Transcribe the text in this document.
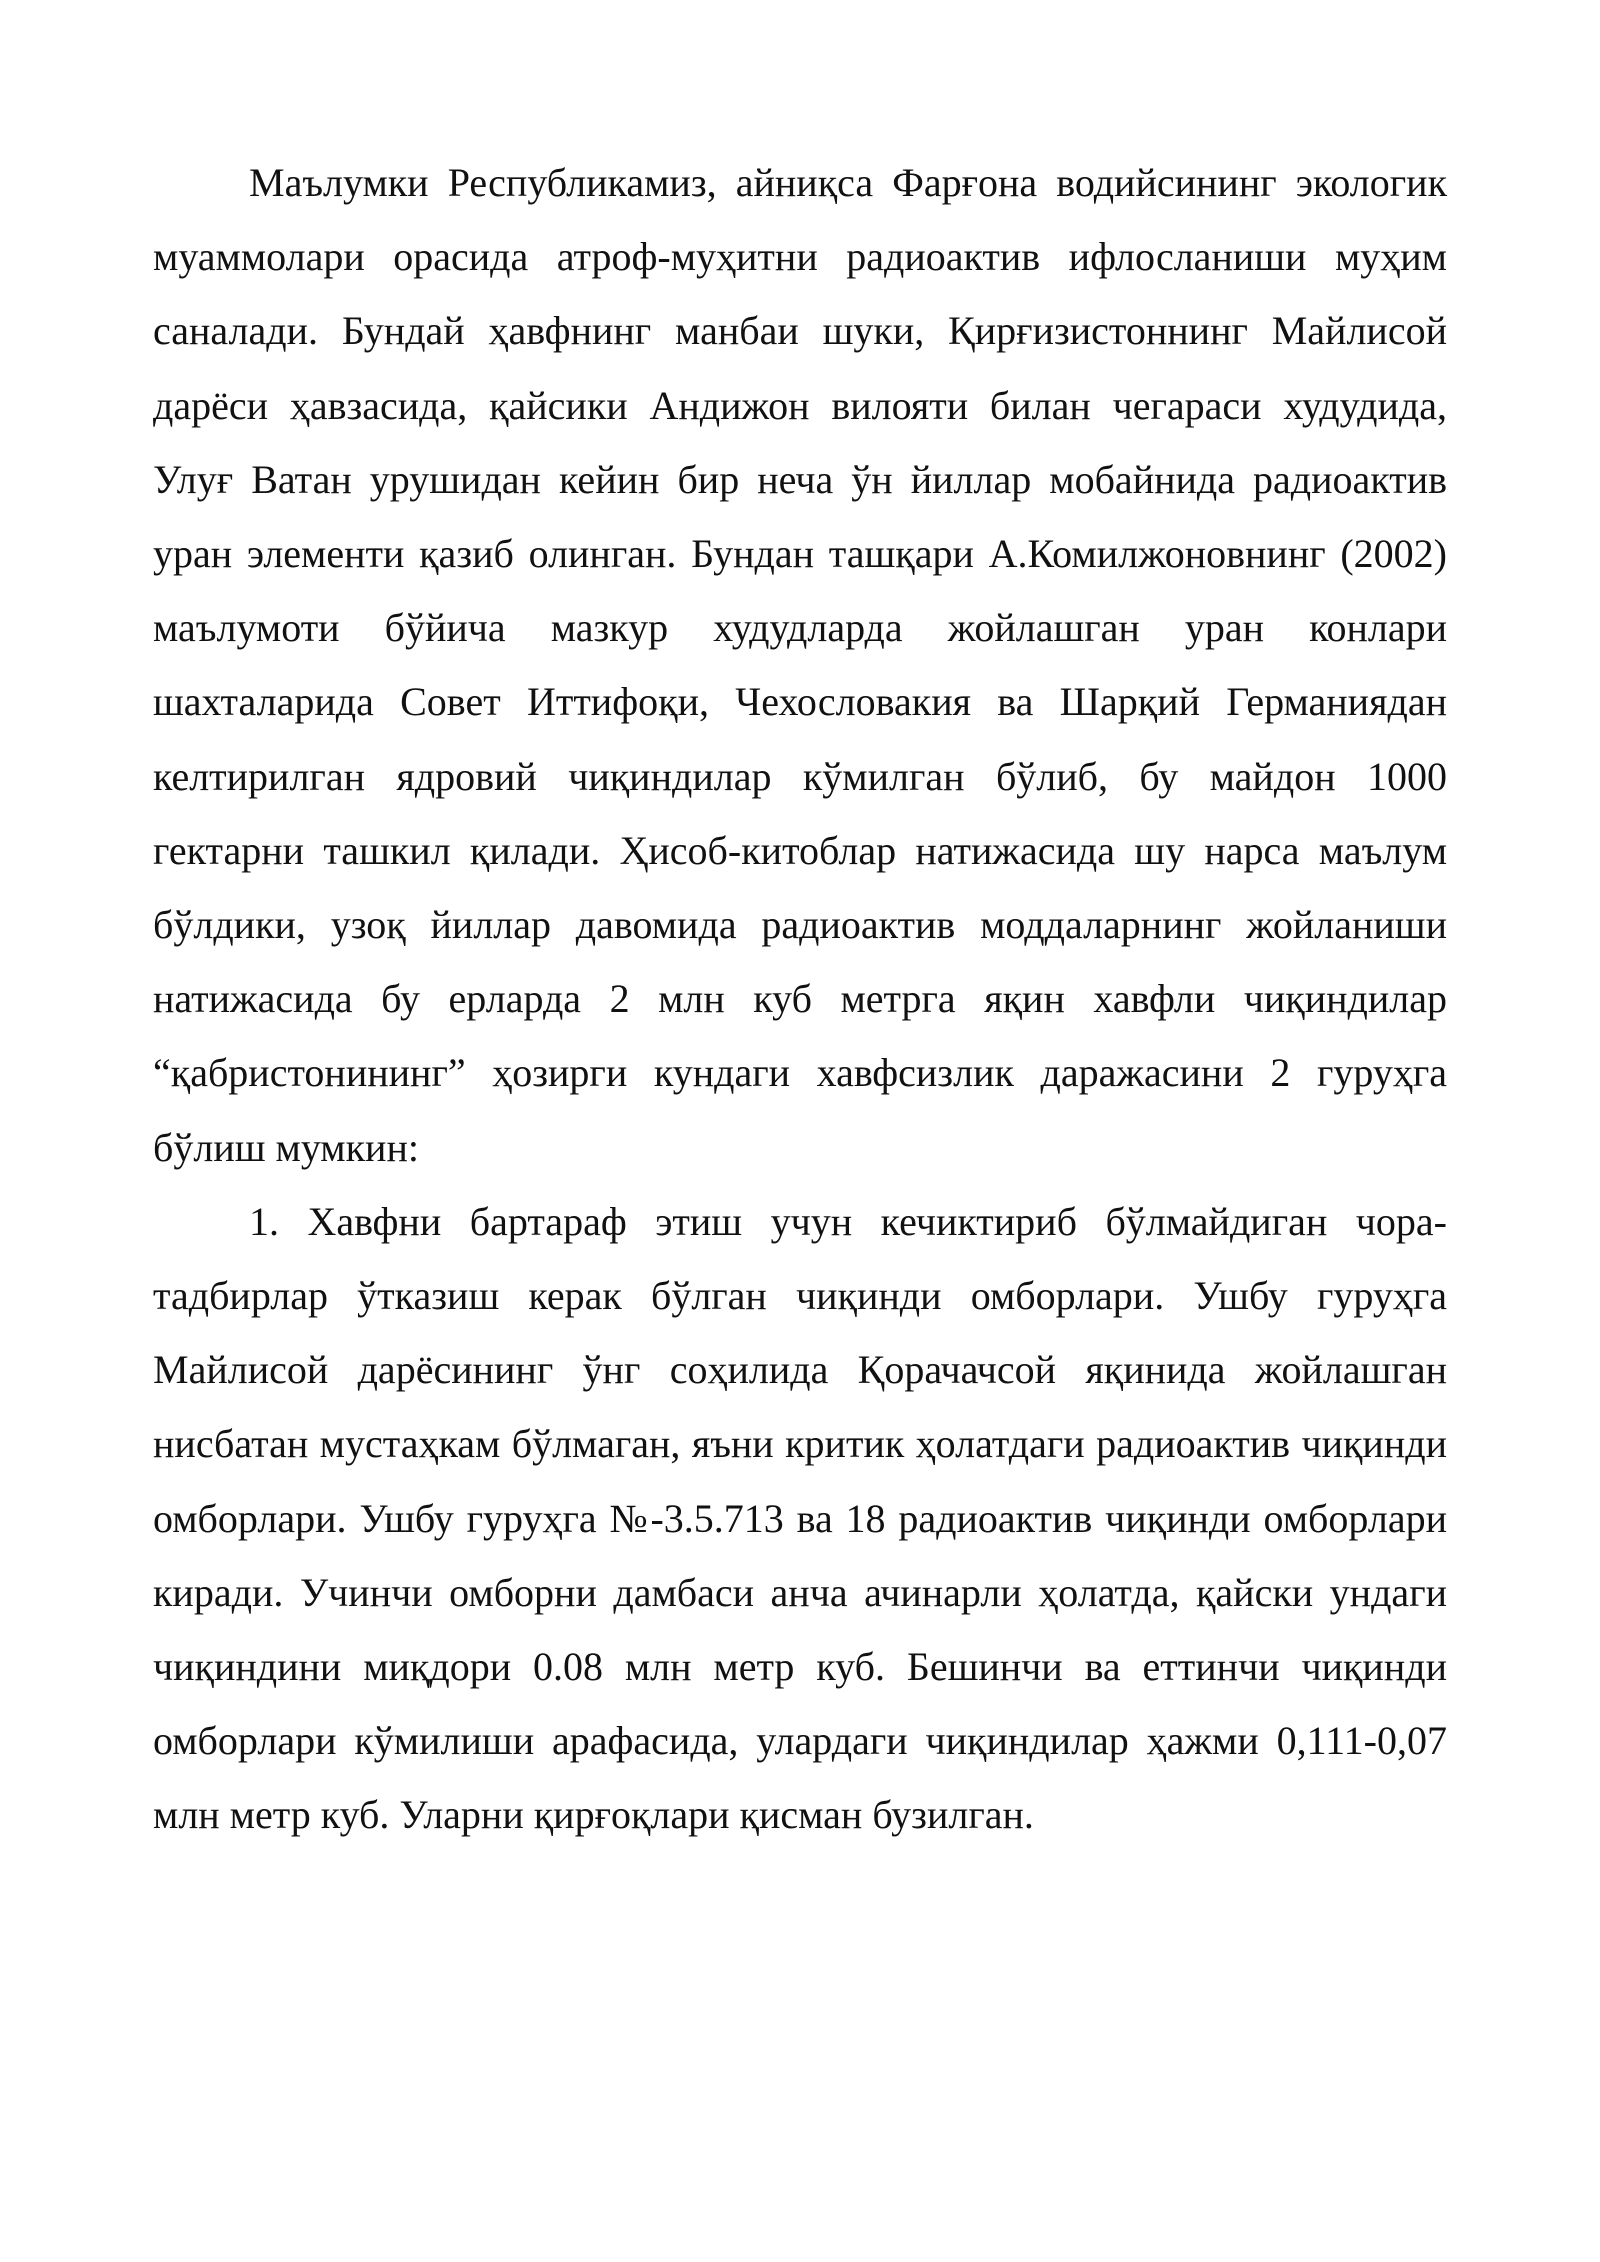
Маълумки Республикамиз, айниқса Фарғона водийсининг экологик муаммолари орасида атроф-муҳитни радиоактив ифлосланиши муҳим саналади. Бундай ҳавфнинг манбаи шуки, Қирғизистоннинг Майлисой дарёси ҳавзасида, қайсики Андижон вилояти билан чегараси худудида, Улуғ Ватан урушидан кейин бир неча ўн йиллар мобайнида радиоактив уран элементи қазиб олинган. Бундан ташқари А.Комилжоновнинг (2002) маълумоти бўйича мазкур худудларда жойлашган уран конлари шахталарида Совет Иттифоқи, Чехословакия ва Шарқий Германиядан келтирилган ядровий чиқиндилар кўмилган бўлиб, бу майдон 1000 гектарни ташкил қилади. Ҳисоб-китоблар натижасида шу нарса маълум бўлдики, узоқ йиллар давомида радиоактив моддаларнинг жойланиши натижасида бу ерларда 2 млн куб метрга яқин хавфли чиқиндилар “қабристонининг” ҳозирги кундаги хавфсизлик даражасини 2 гуруҳга бўлиш мумкин:

1. Хавфни бартараф этиш учун кечиктириб бўлмайдиган чора-тадбирлар ўтказиш керак бўлган чиқинди омборлари. Ушбу гуруҳга Майлисой дарёсининг ўнг соҳилида Қорачачсой яқинида жойлашган нисбатан мустаҳкам бўлмаган, яъни критик ҳолатдаги радиоактив чиқинди омборлари. Ушбу гуруҳга №-3.5.713 ва 18 радиоактив чиқинди омборлари киради. Учинчи омборни дамбаси анча ачинарли ҳолатда, қайски ундаги чиқиндини миқдори 0.08 млн метр куб. Бешинчи ва еттинчи чиқинди омборлари кўмилиши арафасида, улардаги чиқиндилар ҳажми 0,111-0,07 млн метр куб. Уларни қирғоқлари қисман бузилган.
